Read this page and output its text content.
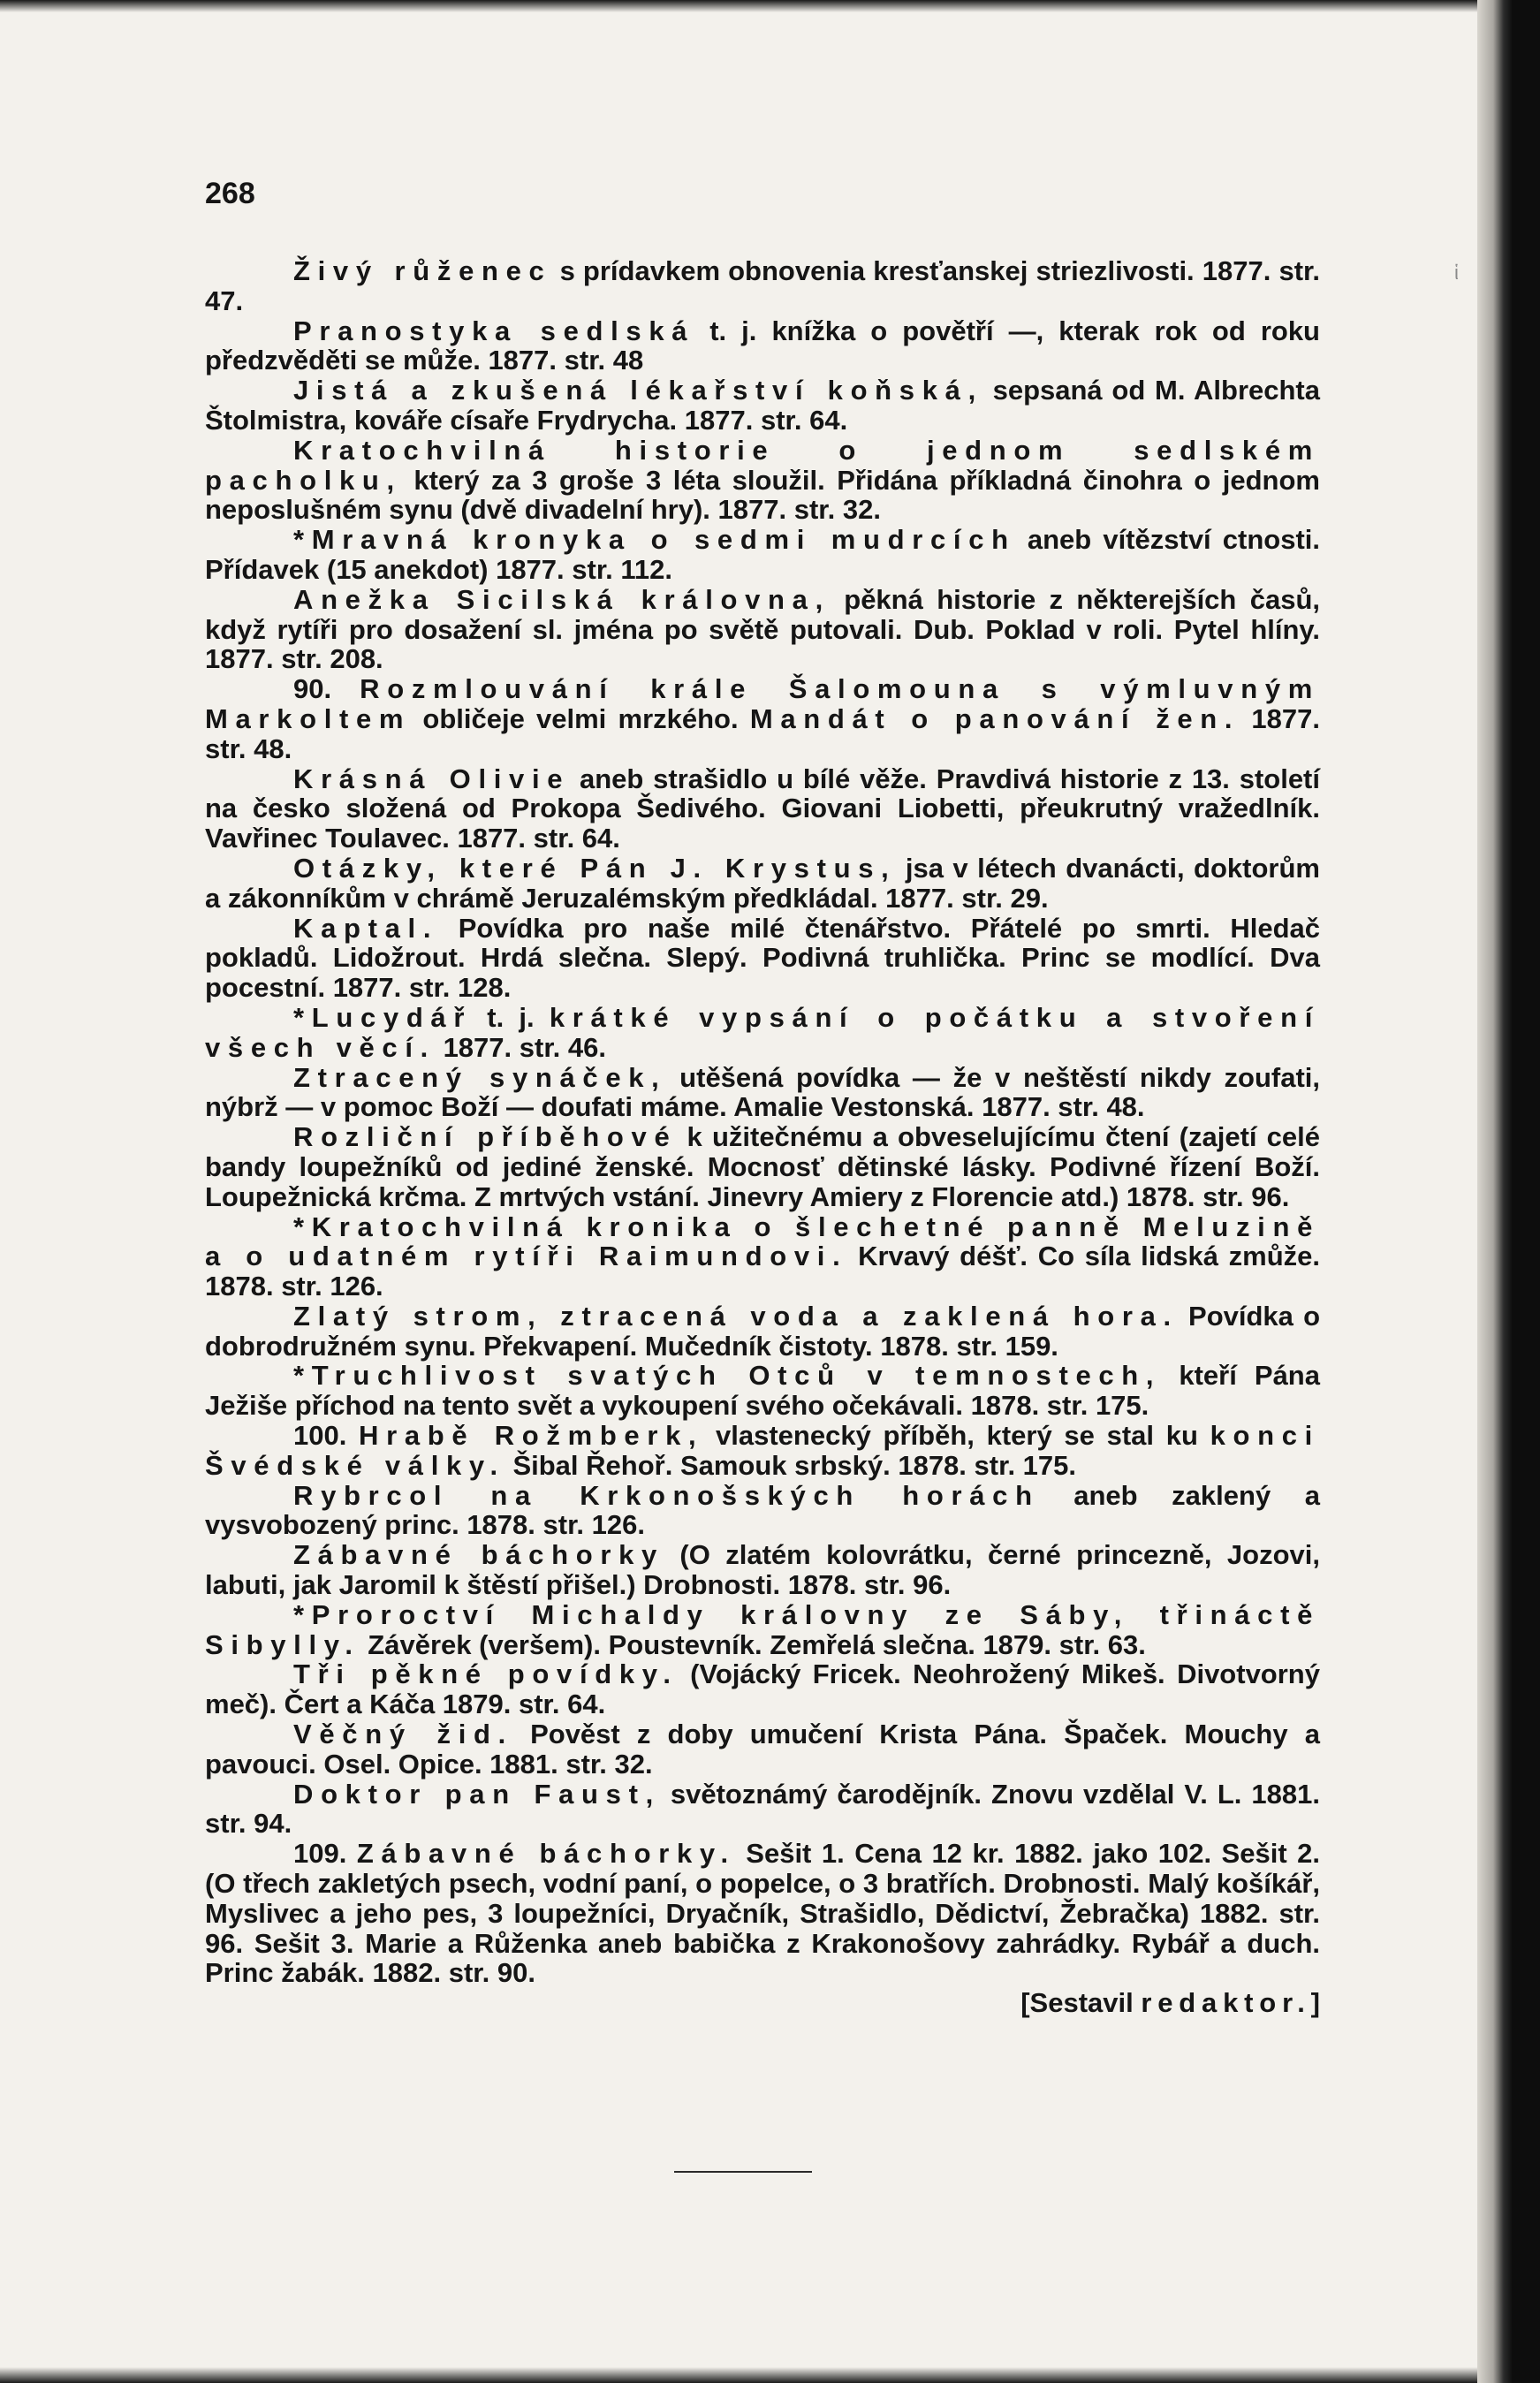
ἱ
268

Živý růženec s prídavkem obnovenia kresťanskej striezlivosti. 1877. str. 47.

Pranostyka sedlská t. j. knížka o povětří —, kterak rok od roku předzvěděti se může. 1877. str. 48

Jistá a zkušená lékařství koňská, sepsaná od M. Albrechta Štolmistra, kováře císaře Frydrycha. 1877. str. 64.

Kratochvilná historie o jednom sedlském pacholku, který za 3 groše 3 léta sloužil. Přidána příkladná činohra o jednom neposlušném synu (dvě divadelní hry). 1877. str. 32.

*Mravná kronyka o sedmi mudrcích aneb vítězství ctnosti. Přídavek (15 anekdot) 1877. str. 112.

Anežka Sicilská královna, pěkná historie z některejších časů, když rytíři pro dosažení sl. jména po světě putovali. Dub. Poklad v roli. Pytel hlíny. 1877. str. 208.

90. Rozmlouvání krále Šalomouna s výmluvným Markoltem obličeje velmi mrzkého. Mandát o panování žen. 1877. str. 48.

Krásná Olivie aneb strašidlo u bílé věže. Pravdivá historie z 13. století na česko složená od Prokopa Šedivého. Giovani Liobetti, přeukrutný vražedlník. Vavřinec Toulavec. 1877. str. 64.

Otázky, které Pán J. Krystus, jsa v létech dvanácti, doktorům a zákonníkům v chrámě Jeruzalémským předkládal. 1877. str. 29.

Kaptal. Povídka pro naše milé čtenářstvo. Přátelé po smrti. Hledač pokladů. Lidožrout. Hrdá slečna. Slepý. Podivná truhlička. Princ se modlící. Dva pocestní. 1877. str. 128.

*Lucydář t. j. krátké vypsání o počátku a stvoření všech věcí. 1877. str. 46.

Ztracený synáček, utěšená povídka — že v neštěstí nikdy zoufati, nýbrž — v pomoc Boží — doufati máme. Amalie Vestonská. 1877. str. 48.

Rozliční příběhové k užitečnému a obveselujícímu čtení (zajetí celé bandy loupežníků od jediné ženské. Mocnosť dětinské lásky. Podivné řízení Boží. Loupežnická krčma. Z mrtvých vstání. Jinevry Amiery z Florencie atd.) 1878. str. 96.

*Kratochvilná kronika o šlechetné panně Meluzině a o udatném rytíři Raimundovi. Krvavý déšť. Co síla lidská zmůže. 1878. str. 126.

Zlatý strom, ztracená voda a zaklená hora. Povídka o dobrodružném synu. Překvapení. Mučedník čistoty. 1878. str. 159.

*Truchlivost svatých Otců v temnostech, kteří Pána Ježiše příchod na tento svět a vykoupení svého očekávali. 1878. str. 175.

100. Hrabě Rožmberk, vlastenecký příběh, který se stal ku konci Švédské války. Šibal Řehoř. Samouk srbský. 1878. str. 175.

Rybrcol na Krkonošských horách aneb zaklený a vysvobozený princ. 1878. str. 126.

Zábavné báchorky (O zlatém kolovrátku, černé princezně, Jozovi, labuti, jak Jaromil k štěstí přišel.) Drobnosti. 1878. str. 96.

*Proroctví Michaldy královny ze Sáby, třináctě Sibylly. Závěrek (veršem). Poustevník. Zemřelá slečna. 1879. str. 63.

Tři pěkné povídky. (Vojácký Fricek. Neohrožený Mikeš. Divotvorný meč). Čert a Káča 1879. str. 64.

Věčný žid. Pověst z doby umučení Krista Pána. Špaček. Mouchy a pavouci. Osel. Opice. 1881. str. 32.

Doktor pan Faust, světoznámý čarodějník. Znovu vzdělal V. L. 1881. str. 94.

109. Zábavné báchorky. Sešit 1. Cena 12 kr. 1882. jako 102. Sešit 2. (O třech zakletých psech, vodní paní, o popelce, o 3 bratřích. Drobnosti. Malý košíkář, Myslivec a jeho pes, 3 loupežníci, Dryačník, Strašidlo, Dědictví, Žebračka) 1882. str. 96. Sešit 3. Marie a Růženka aneb babička z Krakonošovy zahrádky. Rybář a duch. Princ žabák. 1882. str. 90.

[Sestavil redaktor.]
